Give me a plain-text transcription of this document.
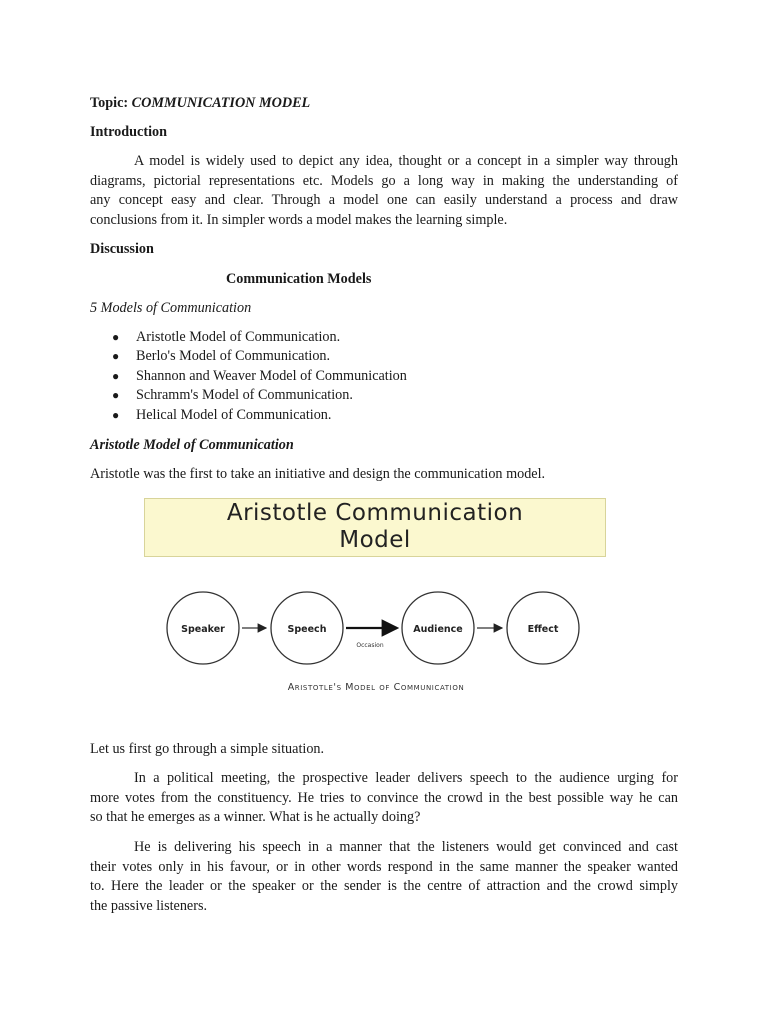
Topic: COMMUNICATION MODEL
Introduction
A model is widely used to depict any idea, thought or a concept in a simpler way through
diagrams, pictorial representations etc. Models go a long way in making the understanding of
any concept easy and clear. Through a model one can easily understand a process and draw
conclusions from it. In simpler words a model makes the learning simple.
Discussion
Communication Models
5 Models of Communication
● Aristotle Model of Communication.
● Berlo's Model of Communication.
● Shannon and Weaver Model of Communication
● Schramm's Model of Communication.
● Helical Model of Communication.
Aristotle Model of Communication
Aristotle was the first to take an initiative and design the communication model.
Aristotle Communication
Model
Speaker	Speech	Audience	Effect
Occasion
Aristotle's Model of Communication
Let us first go through a simple situation.
In a political meeting, the prospective leader delivers speech to the audience urging for
more votes from the constituency. He tries to convince the crowd in the best possible way he can
so that he emerges as a winner. What is he actually doing?
He is delivering his speech in a manner that the listeners would get convinced and cast
their votes only in his favour, or in other words respond in the same manner the speaker wanted
to. Here the leader or the speaker or the sender is the centre of attraction and the crowd simply
the passive listeners.
